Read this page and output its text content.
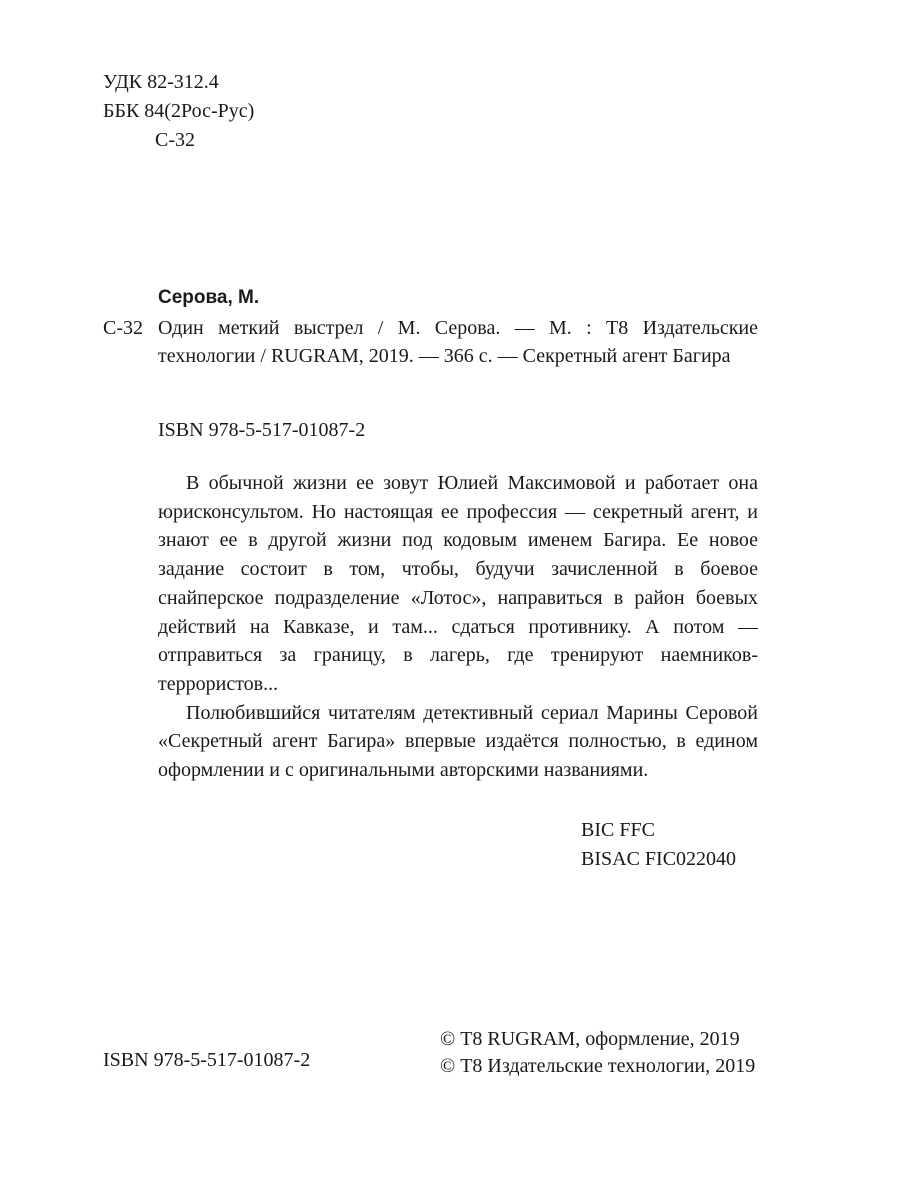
УДК 82-312.4
ББК 84(2Рос-Рус)
С-32
Серова, М.
С-32 Один меткий выстрел / М. Серова. — М. : Т8 Издательские технологии / RUGRAM, 2019. — 366 с. — Секретный агент Багира
ISBN 978-5-517-01087-2

В обычной жизни ее зовут Юлией Максимовой и работает она юрисконсультом. Но настоящая ее профессия — секретный агент, и знают ее в другой жизни под кодовым именем Багира. Ее новое задание состоит в том, чтобы, будучи зачисленной в боевое снайперское подразделение «Лотос», направиться в район боевых действий на Кавказе, и там... сдаться противнику. А потом — отправиться за границу, в лагерь, где тренируют наемников-террористов...

Полюбившийся читателям детективный сериал Марины Серовой «Секретный агент Багира» впервые издаётся полностью, в едином оформлении и с оригинальными авторскими названиями.

BIC FFC
BISAC FIC022040
ISBN 978-5-517-01087-2
© Т8 RUGRAM, оформление, 2019
© Т8 Издательские технологии, 2019
